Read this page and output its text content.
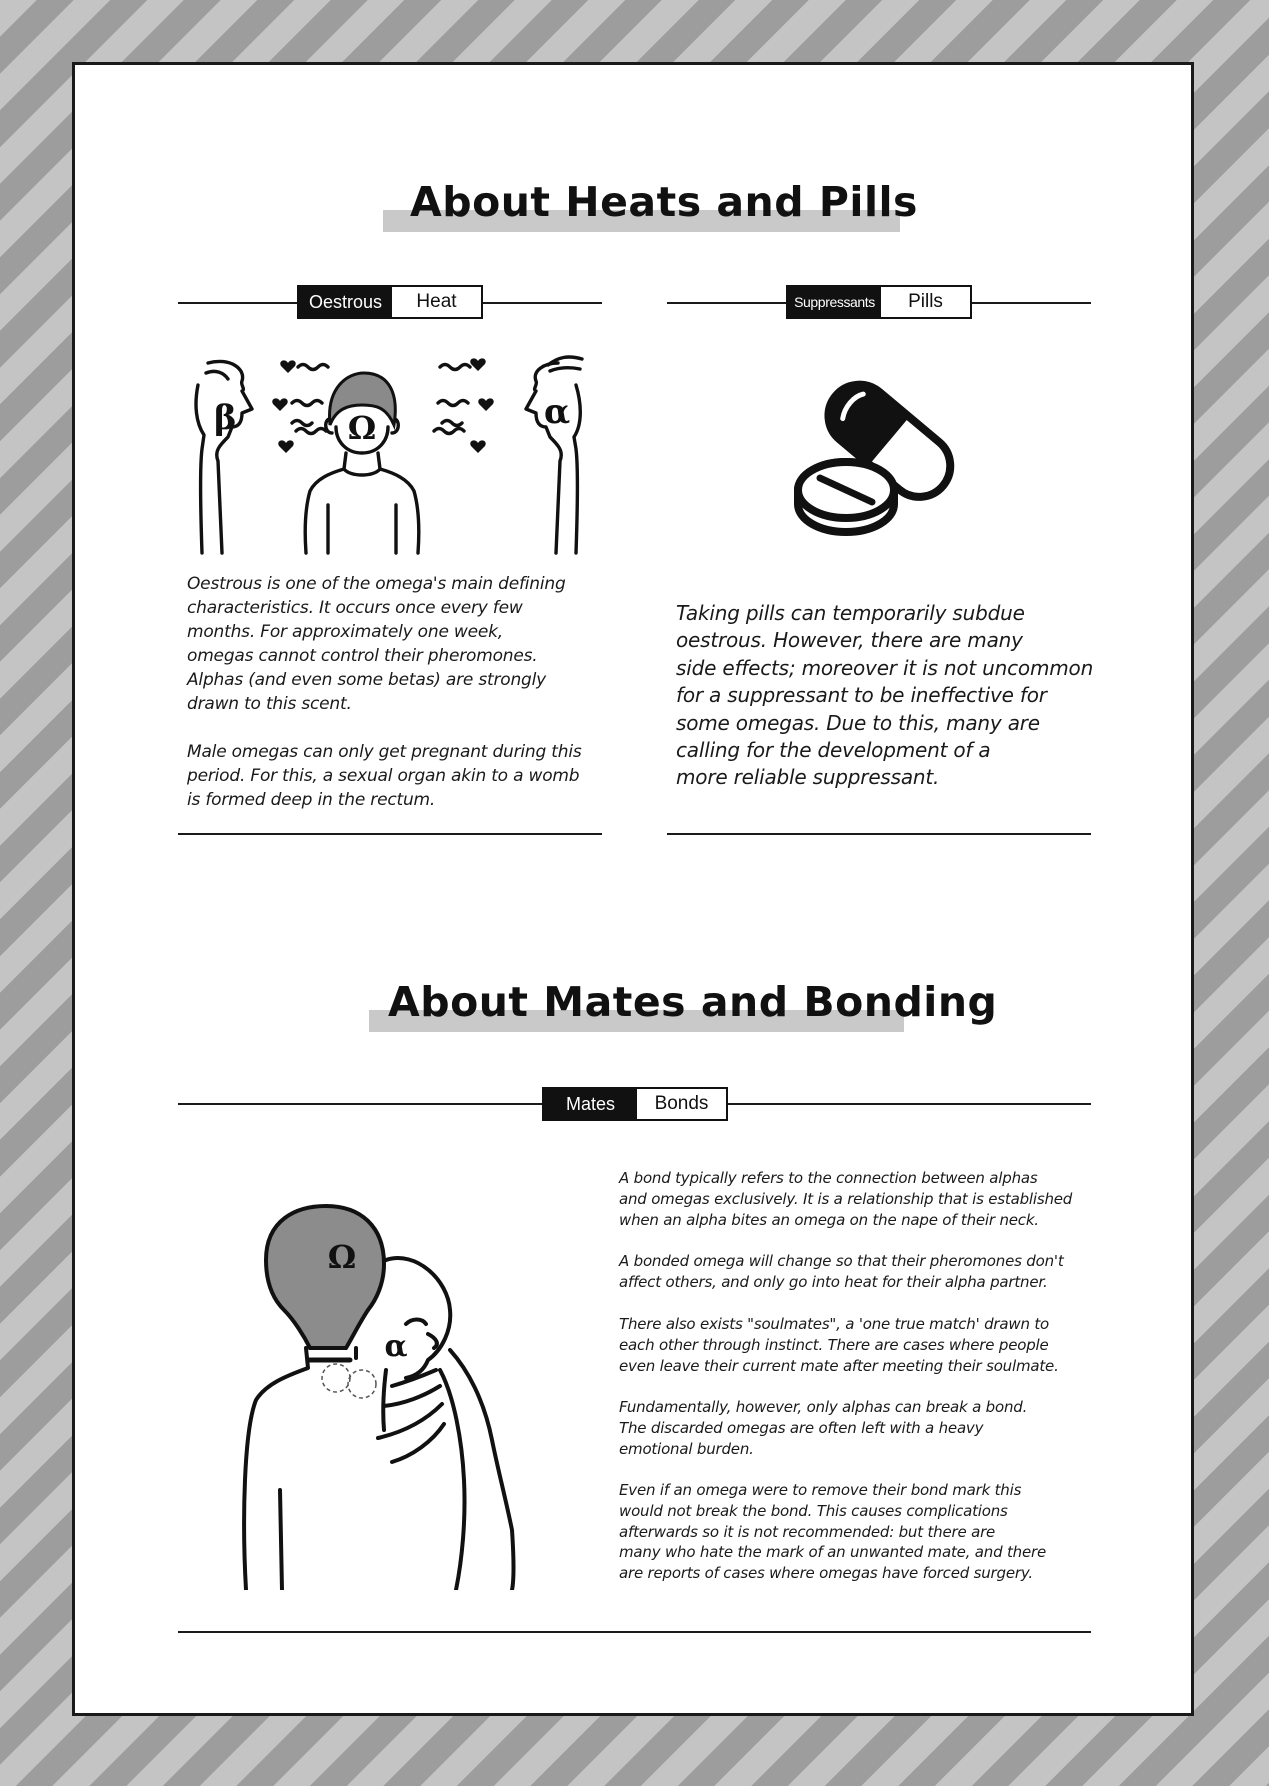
About Heats and Pills
Oestrous	Heat
β	Ω	α

Oestrous is one of the omega's main defining
characteristics. It occurs once every few
months. For approximately one week,
omegas cannot control their pheromones.
Alphas (and even some betas) are strongly
drawn to this scent.

Male omegas can only get pregnant during this
period. For this, a sexual organ akin to a womb
is formed deep in the rectum.

Suppressants	Pills

Taking pills can temporarily subdue
oestrous. However, there are many
side effects; moreover it is not uncommon
for a suppressant to be ineffective for
some omegas. Due to this, many are
calling for the development of a
more reliable suppressant.

About Mates and Bonding
Mates	Bonds
Ω
α

A bond typically refers to the connection between alphas
and omegas exclusively. It is a relationship that is established
when an alpha bites an omega on the nape of their neck.

A bonded omega will change so that their pheromones don't
affect others, and only go into heat for their alpha partner.

There also exists "soulmates", a 'one true match' drawn to
each other through instinct. There are cases where people
even leave their current mate after meeting their soulmate.

Fundamentally, however, only alphas can break a bond.
The discarded omegas are often left with a heavy
emotional burden.

Even if an omega were to remove their bond mark this
would not break the bond. This causes complications
afterwards so it is not recommended: but there are
many who hate the mark of an unwanted mate, and there
are reports of cases where omegas have forced surgery.
